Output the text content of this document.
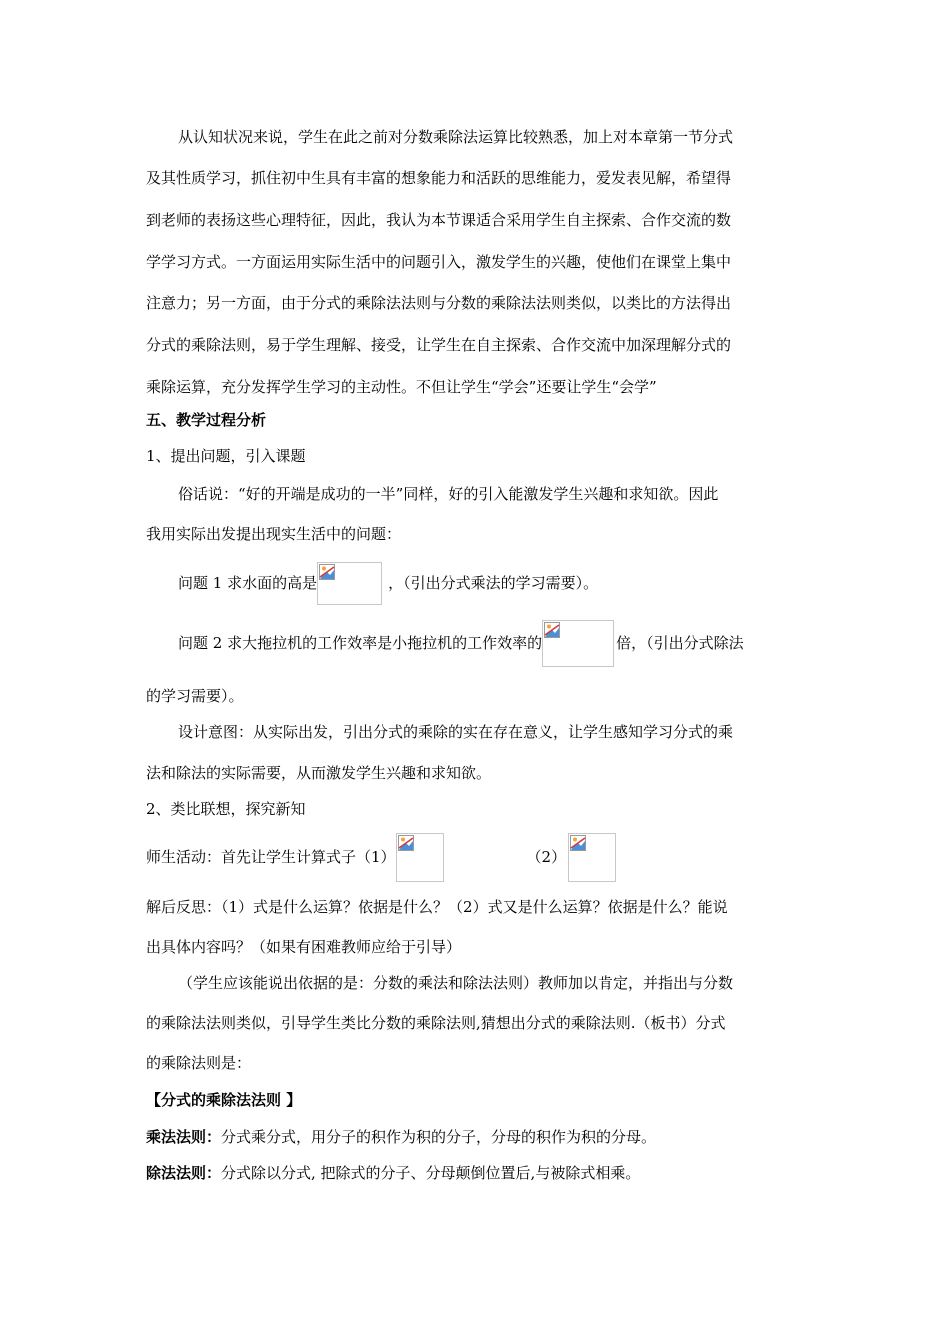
从认知状况来说，学生在此之前对分数乘除法运算比较熟悉，加上对本章第一节分式
及其性质学习，抓住初中生具有丰富的想象能力和活跃的思维能力，爱发表见解，希望得
到老师的表扬这些心理特征，因此，我认为本节课适合采用学生自主探索、合作交流的数
学学习方式。一方面运用实际生活中的问题引入，激发学生的兴趣，使他们在课堂上集中
注意力；另一方面，由于分式的乘除法法则与分数的乘除法法则类似，以类比的方法得出
分式的乘除法则，易于学生理解、接受，让学生在自主探索、合作交流中加深理解分式的
乘除运算，充分发挥学生学习的主动性。不但让学生“学会”还要让学生“会学”
五、教学过程分析
1、提出问题，引入课题
俗话说：“好的开端是成功的一半”同样，好的引入能激发学生兴趣和求知欲。因此
我用实际出发提出现实生活中的问题：
问题 1 求水面的高是	，（引出分式乘法的学习需要）。
问题 2 求大拖拉机的工作效率是小拖拉机的工作效率的	倍，（引出分式除法
的学习需要）。
设计意图：从实际出发，引出分式的乘除的实在存在意义，让学生感知学习分式的乘
法和除法的实际需要，从而激发学生兴趣和求知欲。
2、类比联想，探究新知
师生活动：首先让学生计算式子（1）	（2）
解后反思：（1）式是什么运算？依据是什么？（2）式又是什么运算？依据是什么？能说
出具体内容吗？（如果有困难教师应给于引导）
（学生应该能说出依据的是：分数的乘法和除法法则）教师加以肯定，并指出与分数
的乘除法法则类似，引导学生类比分数的乘除法则,猜想出分式的乘除法则.（板书）分式
的乘除法则是：
【分式的乘除法法则 】
乘法法则：分式乘分式，用分子的积作为积的分子，分母的积作为积的分母。
除法法则：分式除以分式, 把除式的分子、分母颠倒位置后,与被除式相乘。
